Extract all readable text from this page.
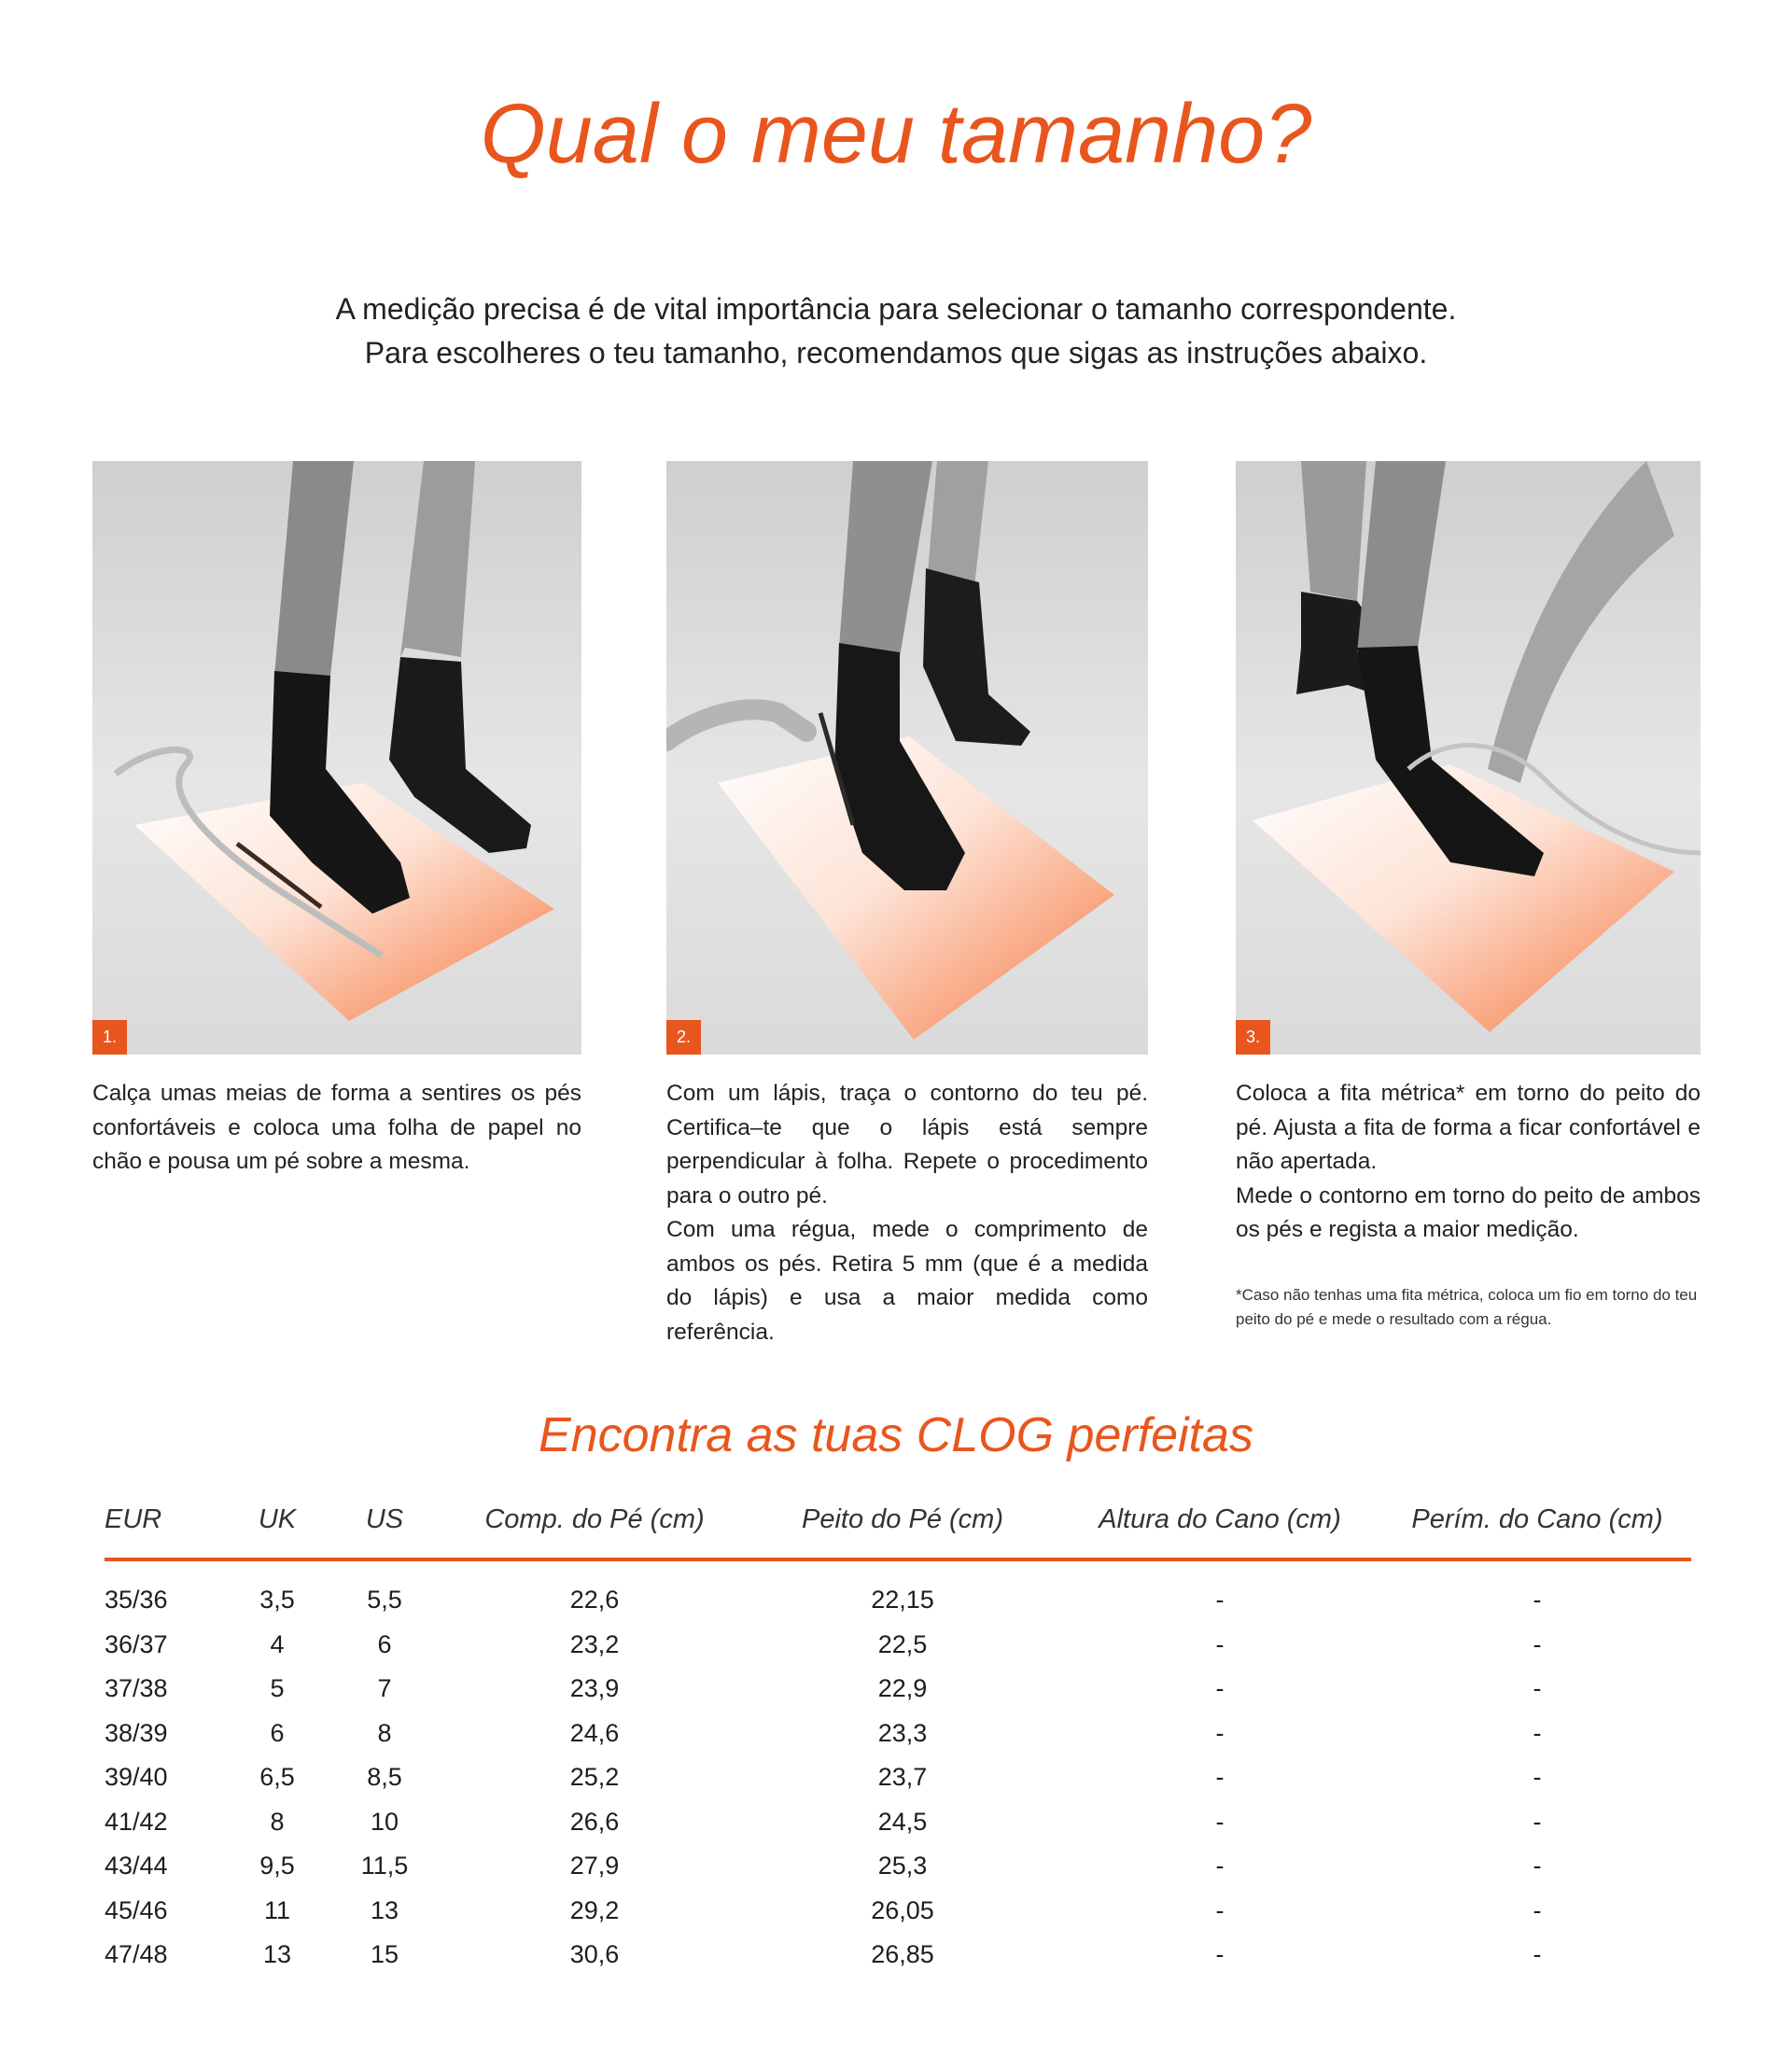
Qual o meu tamanho?
A medição precisa é de vital importância para selecionar o tamanho correspondente.
Para escolheres o teu tamanho, recomendamos que sigas as instruções abaixo.
1.

Calça umas meias de forma a sentires os pés confortáveis e coloca uma folha de papel no chão e pousa um pé sobre a mesma.

2.

Com um lápis, traça o contorno do teu pé. Certifica–te que o lápis está sempre perpendicular à folha. Repete o procedimento para o outro pé.

Com uma régua, mede o comprimento de ambos os pés. Retira 5 mm (que é a medida do lápis) e usa a maior medida como referência.

3.

Coloca a fita métrica* em torno do peito do pé. Ajusta a fita de forma a ficar confortável e não apertada.

Mede o contorno em torno do peito de ambos os pés e regista a maior medição.

*Caso não tenhas uma fita métrica, coloca um fio em torno do teu peito do pé e mede o resultado com a régua.
Encontra as tuas CLOG perfeitas
EUR	UK	US	Comp. do Pé (cm)	Peito do Pé (cm)	Altura do Cano (cm)	Perím. do Cano (cm)
35/36	3,5	5,5	22,6	22,15	-	-
36/37	4	6	23,2	22,5	-	-
37/38	5	7	23,9	22,9	-	-
38/39	6	8	24,6	23,3	-	-
39/40	6,5	8,5	25,2	23,7	-	-
41/42	8	10	26,6	24,5	-	-
43/44	9,5	11,5	27,9	25,3	-	-
45/46	11	13	29,2	26,05	-	-
47/48	13	15	30,6	26,85	-	-
